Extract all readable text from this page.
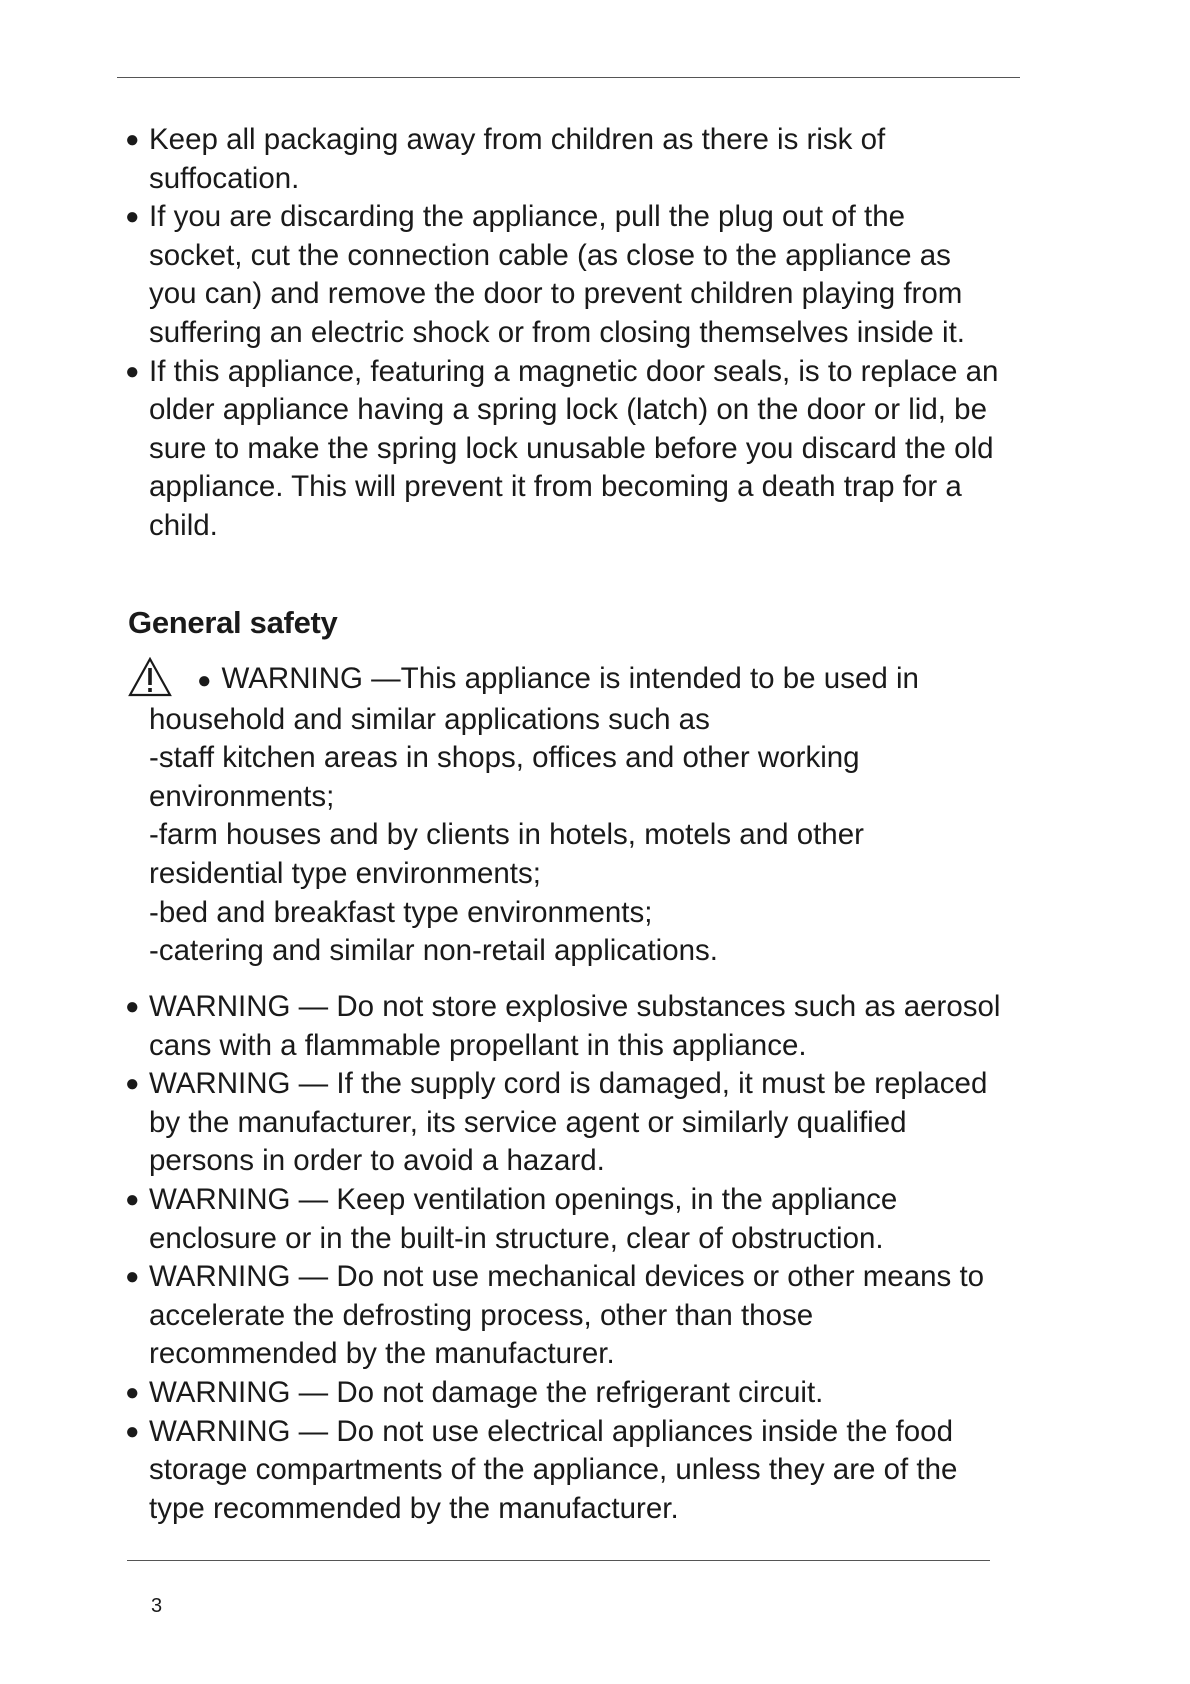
● Keep all packaging away from children as there is risk of suffocation.
● If you are discarding the appliance, pull the plug out of the socket, cut the connection cable (as close to the appliance as you can) and remove the door to prevent children playing from suffering an electric shock or from closing themselves inside it.
● If this appliance, featuring a magnetic door seals, is to replace an older appliance having a spring lock (latch) on the door or lid, be sure to make the spring lock unusable before you discard the old appliance. This will prevent it from becoming a death trap for a child.
General safety
● WARNING —This appliance is intended to be used in
household and similar applications such as
-staff kitchen areas in shops, offices and other working environments;
-farm houses and by clients in hotels, motels and other residential type environments;
-bed and breakfast type environments;
-catering and similar non-retail applications.
● WARNING — Do not store explosive substances such as aerosol cans with a flammable propellant in this appliance.
● WARNING — If the supply cord is damaged, it must be replaced by the manufacturer, its service agent or similarly qualified persons in order to avoid a hazard.
● WARNING — Keep ventilation openings, in the appliance enclosure or in the built-in structure, clear of obstruction.
● WARNING — Do not use mechanical devices or other means to accelerate the defrosting process, other than those recommended by the manufacturer.
● WARNING — Do not damage the refrigerant circuit.
● WARNING — Do not use electrical appliances inside the food storage compartments of the appliance, unless they are of the type recommended by the manufacturer.
3
